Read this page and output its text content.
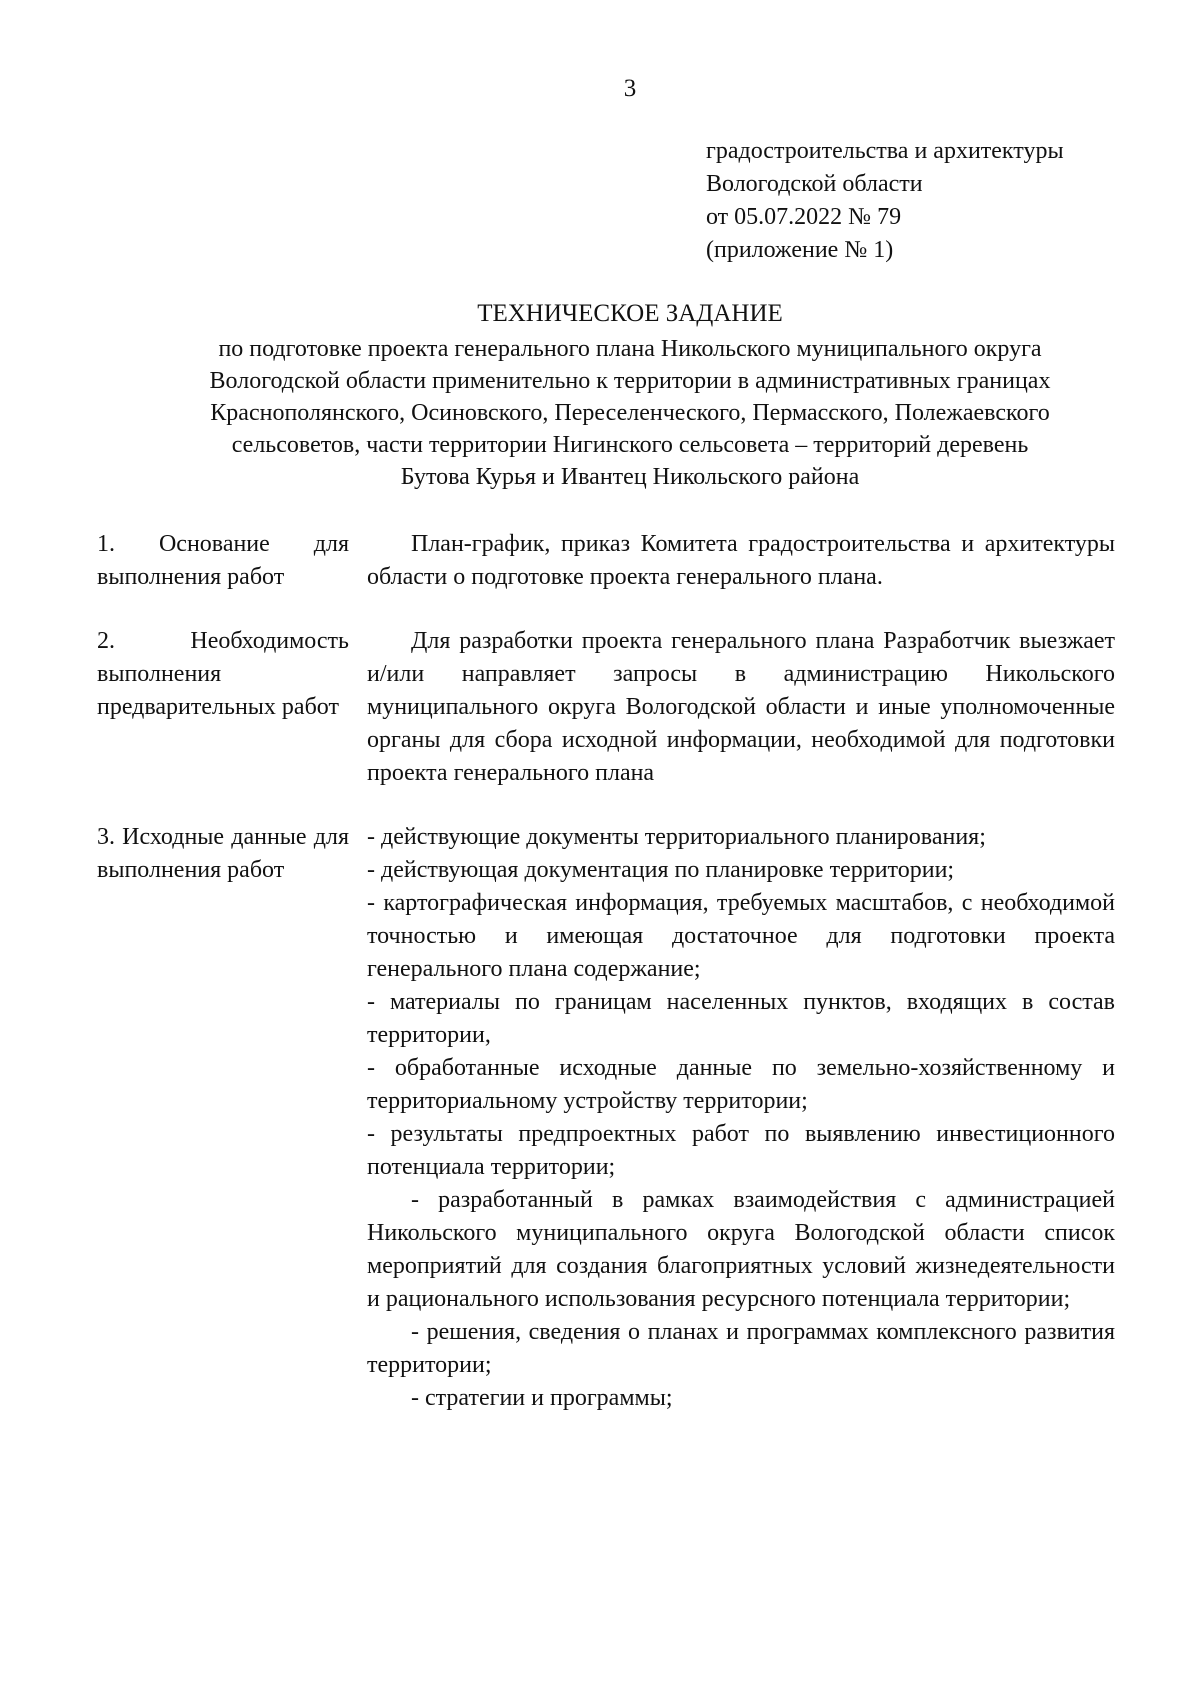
3
градостроительства и архитектуры
Вологодской области
от 05.07.2022 № 79
(приложение № 1)
ТЕХНИЧЕСКОЕ ЗАДАНИЕ
по подготовке проекта генерального плана Никольского муниципального округа
Вологодской области применительно к территории в административных границах
Краснополянского, Осиновского, Переселенческого, Пермасского, Полежаевского
сельсоветов, части территории Нигинского сельсовета – территорий деревень
Бутова Курья и Ивантец Никольского района
1. Основание для выполнения работ

План-график, приказ Комитета градостроительства и архитектуры области о подготовке проекта генерального плана.

2. Необходимость выполнения предварительных работ

Для разработки проекта генерального плана Разработчик выезжает и/или направляет запросы в администрацию Никольского муниципального округа Вологодской области и иные уполномоченные органы для сбора исходной информации, необходимой для подготовки проекта генерального плана

3. Исходные данные для выполнения работ

- действующие документы территориального планирования;

- действующая документация по планировке территории;

- картографическая информация, требуемых масштабов, с необходимой точностью и имеющая достаточное для подготовки проекта генерального плана содержание;

- материалы по границам населенных пунктов, входящих в состав территории,

- обработанные исходные данные по земельно-хозяйственному и территориальному устройству территории;

- результаты предпроектных работ по выявлению инвестиционного потенциала территории;

- разработанный в рамках взаимодействия с администрацией Никольского муниципального округа Вологодской области список мероприятий для создания благоприятных условий жизнедеятельности и рационального использования ресурсного потенциала территории;

- решения, сведения о планах и программах комплексного развития территории;

- стратегии и программы;
